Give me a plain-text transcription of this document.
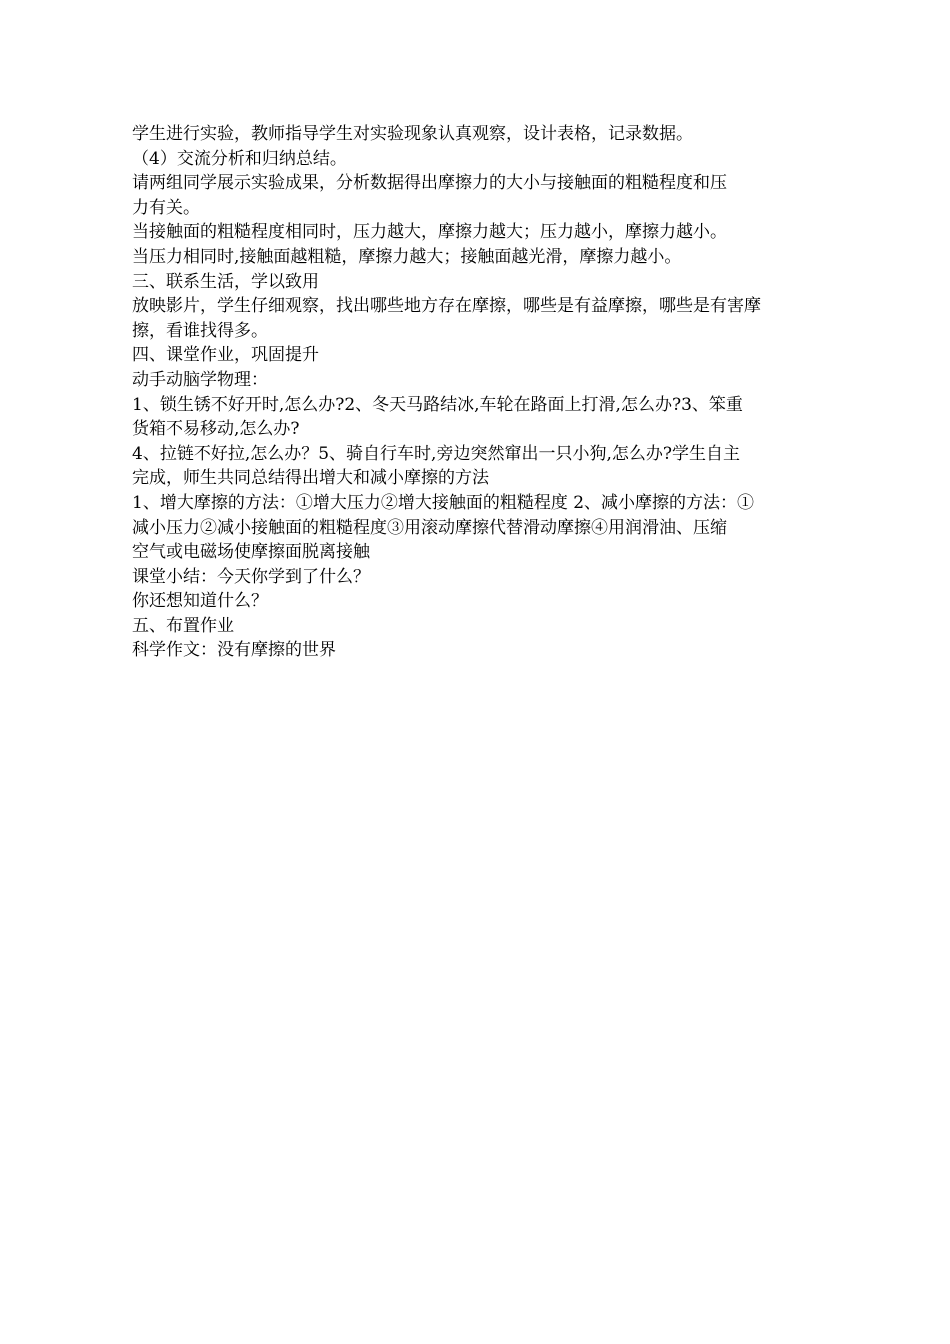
学生进行实验，教师指导学生对实验现象认真观察，设计表格，记录数据。
（4）交流分析和归纳总结。
请两组同学展示实验成果，分析数据得出摩擦力的大小与接触面的粗糙程度和压
力有关。
当接触面的粗糙程度相同时，压力越大，摩擦力越大；压力越小，摩擦力越小。
当压力相同时,接触面越粗糙，摩擦力越大；接触面越光滑，摩擦力越小。
三、联系生活，学以致用
放映影片，学生仔细观察，找出哪些地方存在摩擦，哪些是有益摩擦，哪些是有害摩
擦，看谁找得多。
四、课堂作业，巩固提升
动手动脑学物理：
1、锁生锈不好开时,怎么办?2、冬天马路结冰,车轮在路面上打滑,怎么办?3、笨重
货箱不易移动,怎么办?
4、拉链不好拉,怎么办？5、骑自行车时,旁边突然窜出一只小狗,怎么办?学生自主
完成，师生共同总结得出增大和减小摩擦的方法
1、增大摩擦的方法：①增大压力②增大接触面的粗糙程度 2、减小摩擦的方法：①
减小压力②减小接触面的粗糙程度③用滚动摩擦代替滑动摩擦④用润滑油、压缩
空气或电磁场使摩擦面脱离接触
课堂小结：今天你学到了什么？
你还想知道什么？
五、布置作业
科学作文：没有摩擦的世界
